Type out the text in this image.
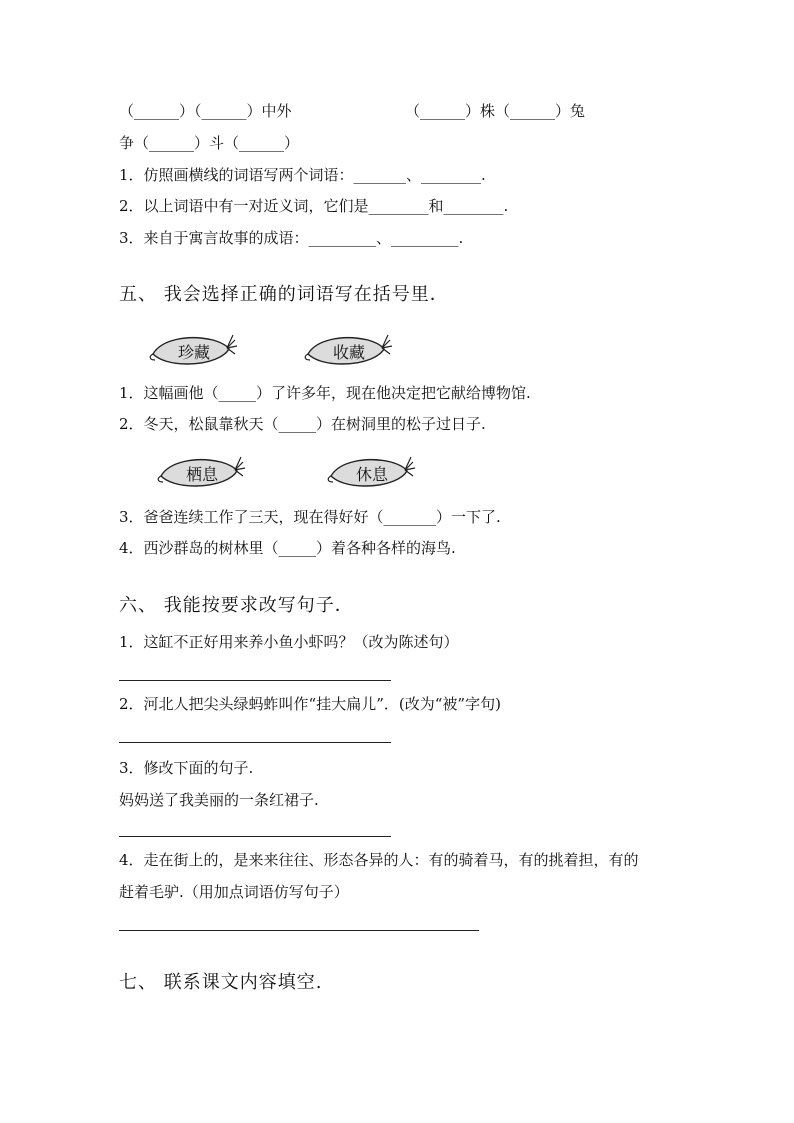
（______）（______）中外	（______）株（______）兔
争（______）斗（______）
1．仿照画横线的词语写两个词语：_______、________.
2．以上词语中有一对近义词，它们是________和________.
3．来自于寓言故事的成语：_________、_________.
五、 我会选择正确的词语写在括号里．
珍藏	收藏
1．这幅画他（_____）了许多年，现在他决定把它献给博物馆.
2．冬天，松鼠靠秋天（_____）在树洞里的松子过日子.
栖息	休息
3．爸爸连续工作了三天，现在得好好（_______）一下了.
4．西沙群岛的树林里（_____）着各种各样的海鸟.
六、 我能按要求改写句子．
1．这缸不正好用来养小鱼小虾吗？（改为陈述句）
2．河北人把尖头绿蚂蚱叫作“挂大扁儿”．(改为“被”字句)
3．修改下面的句子.
妈妈送了我美丽的一条红裙子.
4．走在街上的，是来来往往、形态各异的人：有的骑着马，有的挑着担，有的
赶着毛驴.（用加点词语仿写句子）
七、 联系课文内容填空.
